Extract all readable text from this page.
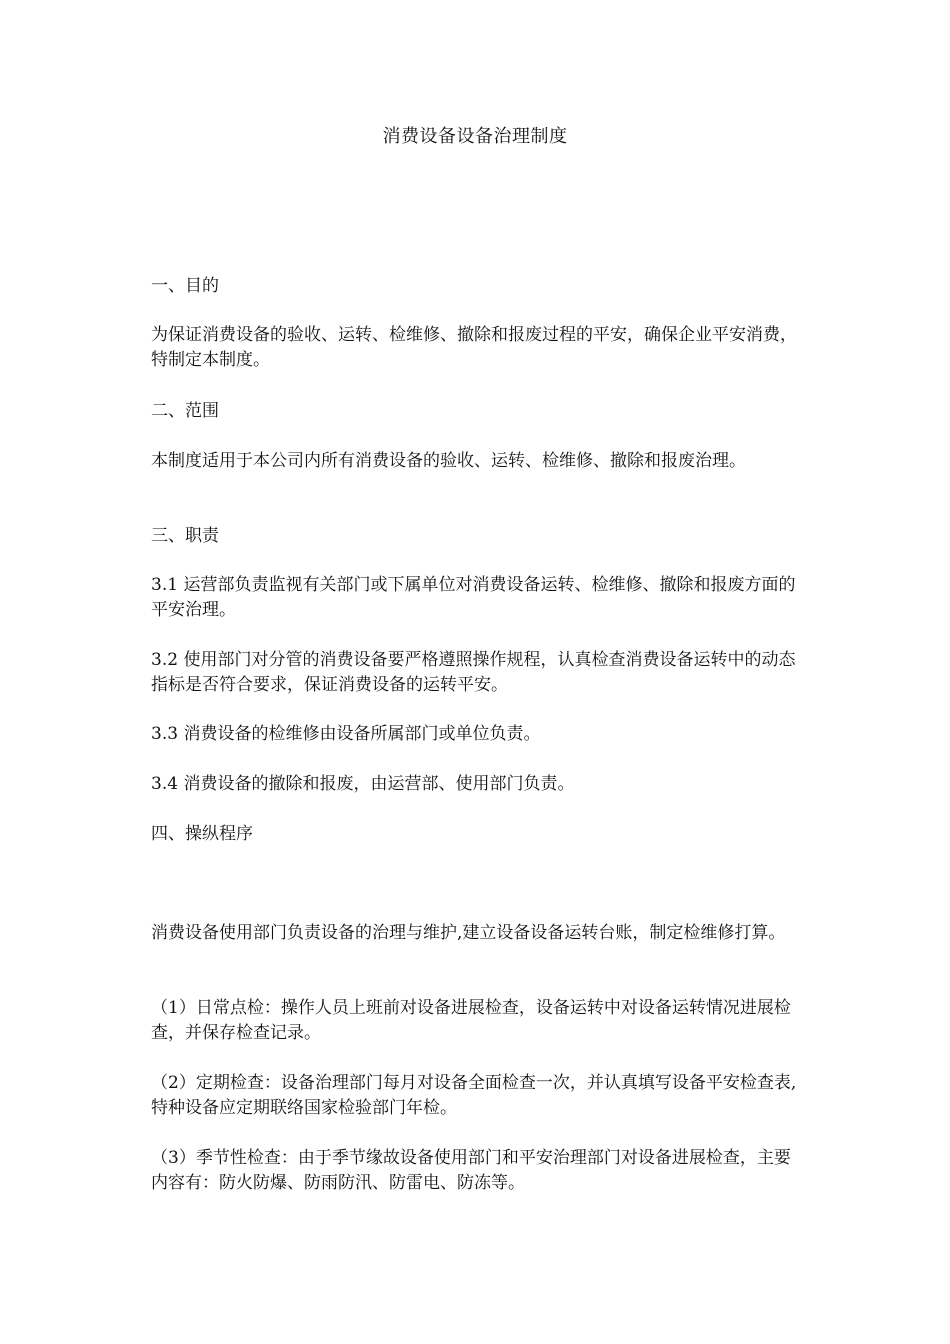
消费设备设备治理制度

一、目的

为保证消费设备的验收、运转、检维修、撤除和报废过程的平安，确保企业平安消费，特制定本制度。

二、范围

本制度适用于本公司内所有消费设备的验收、运转、检维修、撤除和报废治理。

三、职责

3.1 运营部负责监视有关部门或下属单位对消费设备运转、检维修、撤除和报废方面的平安治理。

3.2 使用部门对分管的消费设备要严格遵照操作规程，认真检查消费设备运转中的动态指标是否符合要求，保证消费设备的运转平安。

3.3 消费设备的检维修由设备所属部门或单位负责。

3.4 消费设备的撤除和报废，由运营部、使用部门负责。

四、操纵程序

消费设备使用部门负责设备的治理与维护,建立设备设备运转台账，制定检维修打算。

（1）日常点检：操作人员上班前对设备进展检查，设备运转中对设备运转情况进展检查，并保存检查记录。

（2）定期检查：设备治理部门每月对设备全面检查一次，并认真填写设备平安检查表,特种设备应定期联络国家检验部门年检。

（3）季节性检查：由于季节缘故设备使用部门和平安治理部门对设备进展检查，主要内容有：防火防爆、防雨防汛、防雷电、防冻等。
